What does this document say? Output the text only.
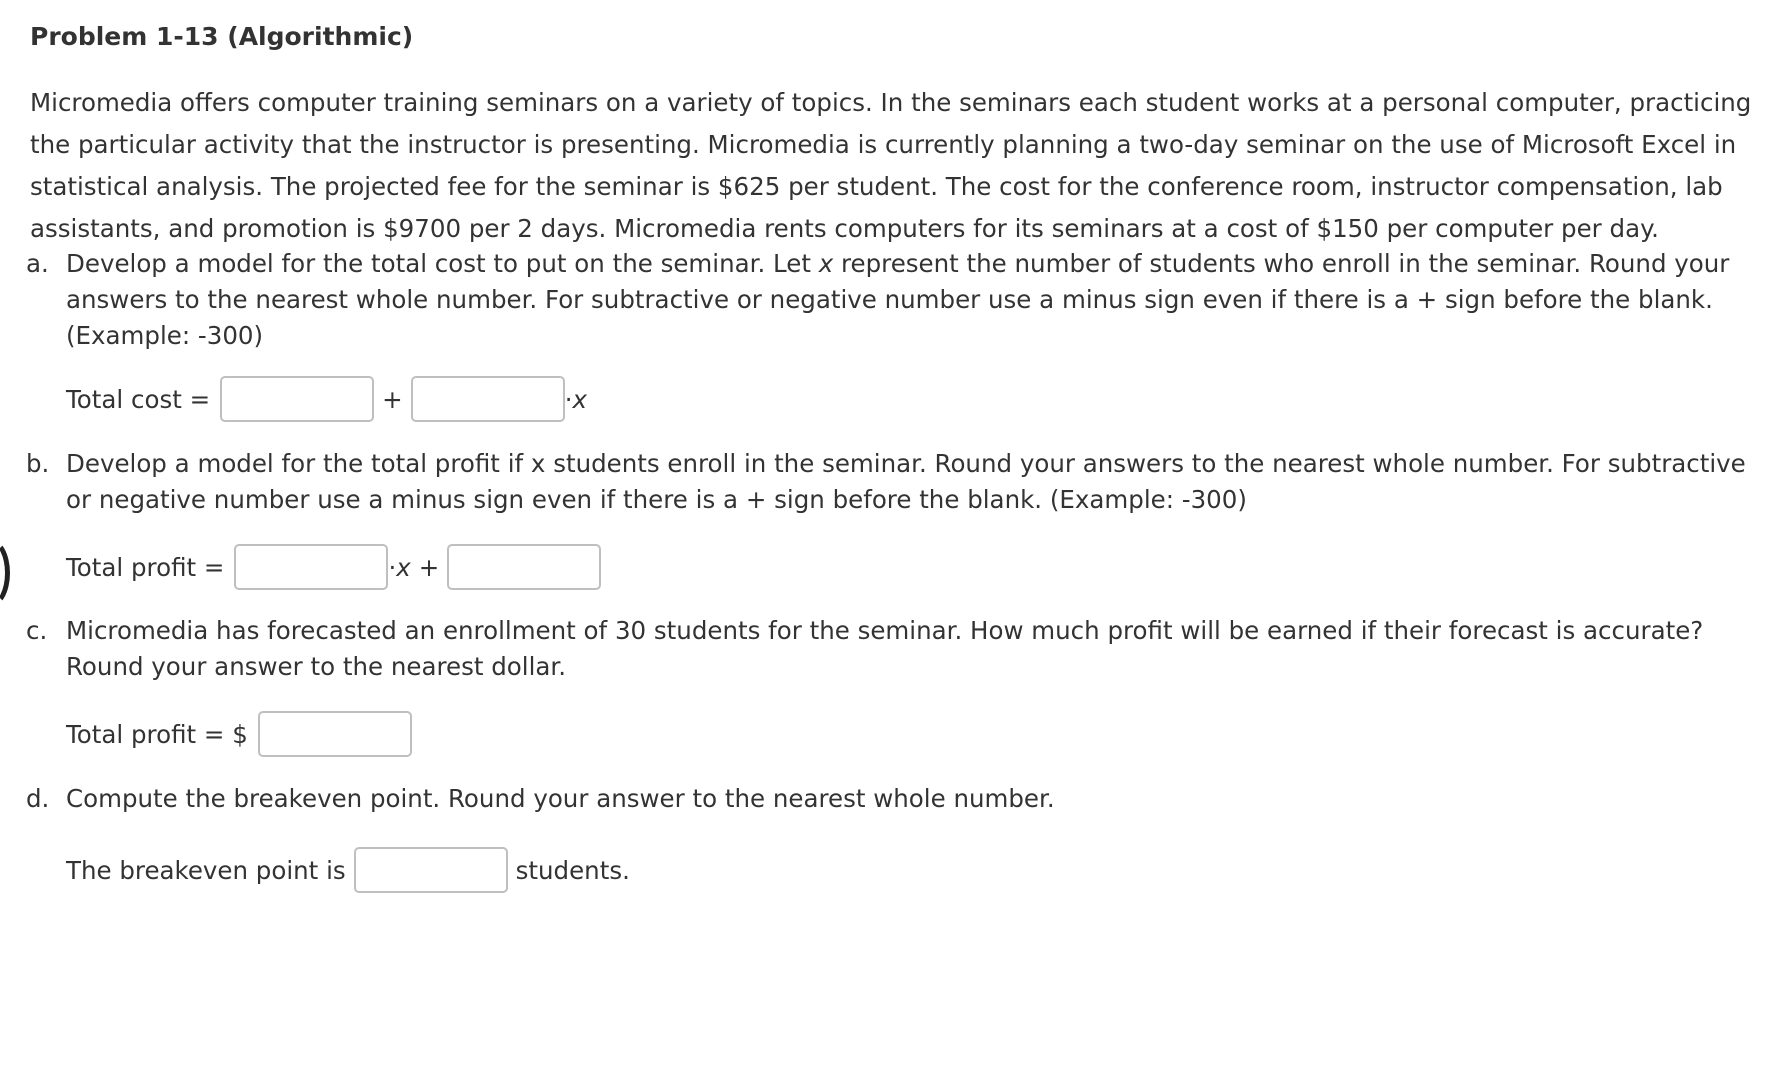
Problem 1-13 (Algorithmic)
Micromedia offers computer training seminars on a variety of topics. In the seminars each student works at a personal computer, practicing the particular activity that the instructor is presenting. Micromedia is currently planning a two-day seminar on the use of Microsoft Excel in statistical analysis. The projected fee for the seminar is $625 per student. The cost for the conference room, instructor compensation, lab assistants, and promotion is $9700 per 2 days. Micromedia rents computers for its seminars at a cost of $150 per computer per day.
a. Develop a model for the total cost to put on the seminar. Let x represent the number of students who enroll in the seminar. Round your answers to the nearest whole number. For subtractive or negative number use a minus sign even if there is a + sign before the blank. (Example: -300)
Total cost =	+	· x
b. Develop a model for the total profit if x students enroll in the seminar. Round your answers to the nearest whole number. For subtractive or negative number use a minus sign even if there is a + sign before the blank. (Example: -300)
Total profit =	· x +
c. Micromedia has forecasted an enrollment of 30 students for the seminar. How much profit will be earned if their forecast is accurate? Round your answer to the nearest dollar.
Total profit = $
d. Compute the breakeven point. Round your answer to the nearest whole number.
The breakeven point is	students.
